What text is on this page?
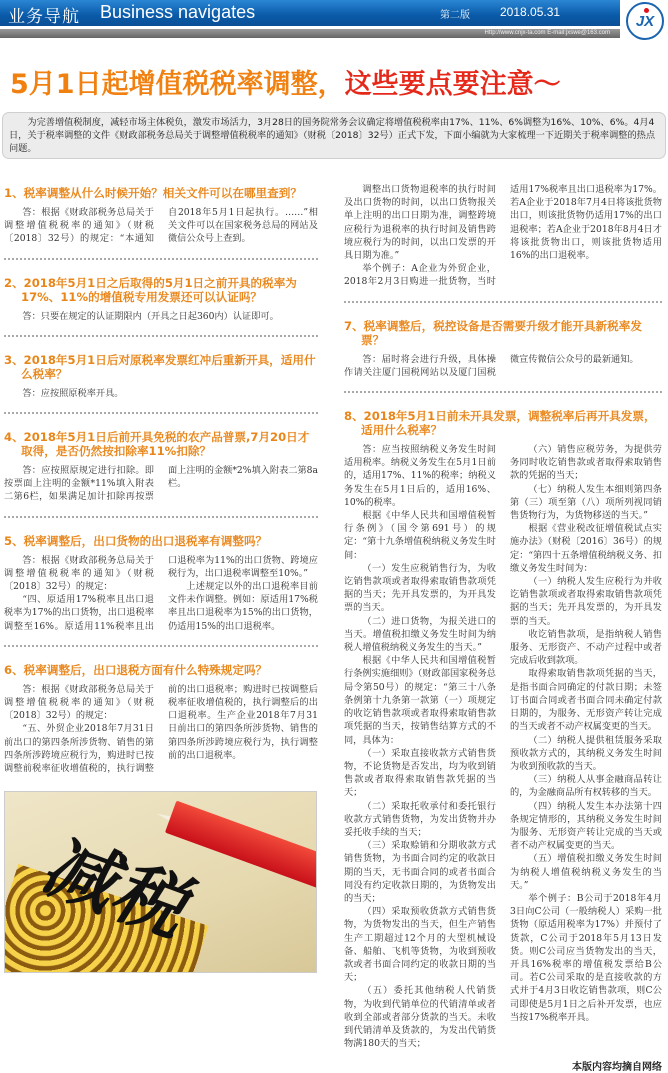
业务导航 Business navigates	第二版	2018.05.31
Http://www.cnjx-ta.com E-mail:jxswe@163.com
JX
5月1日起增值税税率调整，这些要点要注意～
为完善增值税制度，减轻市场主体税负，激发市场活力，3月28日的国务院常务会议确定将增值税税率由17%、11%、6%调整为16%、10%、6%。4月4日，关于税率调整的文件《财政部税务总局关于调整增值税税率的通知》（财税〔2018〕32号）正式下发，下面小编就为大家梳理一下近期关于税率调整的热点问题。
1、税率调整从什么时候开始？相关文件可以在哪里查到？

答：根据《财政部税务总局关于调整增值税税率的通知》（财税〔2018〕32号）的规定：“本通知自2018年5月1日起执行。……”相关文件可以在国家税务总局的网站及微信公众号上查到。

2、2018年5月1日之后取得的5月1日之前开具的税率为17%、11%的增值税专用发票还可以认证吗？

答：只要在规定的认证期限内（开具之日起360内）认证即可。

3、2018年5月1日后对原税率发票红冲后重新开具，适用什么税率？

答：应按照原税率开具。

4、2018年5月1日后前开具免税的农产品普票,7月20日才取得，是否仍然按扣除率11%扣除？

答：应按照原规定进行扣除。即按票面上注明的金额*11%填入附表二第6栏，如果满足加计扣除再按票面上注明的金额*2%填入附表二第8a栏。

5、税率调整后，出口货物的出口退税率有调整吗？

答：根据《财政部税务总局关于调整增值税税率的通知》（财税〔2018〕32号）的规定：

“四、原适用17%税率且出口退税率为17%的出口货物，出口退税率调整至16%。原适用11%税率且出口退税率为11%的出口货物、跨境应税行为，出口退税率调整至10%。”

上述规定以外的出口退税率目前文件未作调整。例如：原适用17%税率且出口退税率为15%的出口货物，仍适用15%的出口退税率。

6、税率调整后，出口退税方面有什么特殊规定吗？

答：根据《财政部税务总局关于调整增值税税率的通知》（财税〔2018〕32号）的规定：

“五、外贸企业2018年7月31日前出口的第四条所涉货物、销售的第四条所涉跨境应税行为，购进时已按调整前税率征收增值税的，执行调整前的出口退税率；购进时已按调整后税率征收增值税的，执行调整后的出口退税率。生产企业2018年7月31日前出口的第四条所涉货物、销售的第四条所涉跨境应税行为，执行调整前的出口退税率。

减税

调整出口货物退税率的执行时间及出口货物的时间，以出口货物报关单上注明的出口日期为准，调整跨境应税行为退税率的执行时间及销售跨境应税行为的时间，以出口发票的开具日期为准。”

举个例子：A企业为外贸企业，2018年2月3日购进一批货物，当时适用17%税率且出口退税率为17%。若A企业于2018年7月4日将该批货物出口，则该批货物仍适用17%的出口退税率；若A企业于2018年8月4日才将该批货物出口，则该批货物适用16%的出口退税率。

7、税率调整后，税控设备是否需要升级才能开具新税率发票？

答：届时将会进行升级，具体操作请关注厦门国税网站以及厦门国税微宣传微信公众号的最新通知。

8、2018年5月1日前未开具发票，调整税率后再开具发票，适用什么税率？

答：应当按照纳税义务发生时间适用税率。纳税义务发生在5月1日前的，适用17%、11%的税率；纳税义务发生在5月1日后的，适用16%、10%的税率。

根据《中华人民共和国增值税暂行条例》（国令第691号）的规定：“第十九条增值税纳税义务发生时间：

（一）发生应税销售行为，为收讫销售款项或者取得索取销售款项凭据的当天；先开具发票的，为开具发票的当天。

（二）进口货物，为报关进口的当天。增值税扣缴义务发生时间为纳税人增值税纳税义务发生的当天。”

根据《中华人民共和国增值税暂行条例实施细则》（财政部国家税务总局令第50号）的规定：“第三十八条条例第十九条第一款第（一）项规定的收讫销售款项或者取得索取销售款项凭据的当天，按销售结算方式的不同，具体为：

（一）采取直接收款方式销售货物，不论货物是否发出，均为收到销售款或者取得索取销售款凭据的当天；

（二）采取托收承付和委托银行收款方式销售货物，为发出货物并办妥托收手续的当天；

（三）采取赊销和分期收款方式销售货物，为书面合同约定的收款日期的当天，无书面合同的或者书面合同没有约定收款日期的，为货物发出的当天；

（四）采取预收货款方式销售货物，为货物发出的当天，但生产销售生产工期超过12个月的大型机械设备、船舶、飞机等货物，为收到预收款或者书面合同约定的收款日期的当天；

（五）委托其他纳税人代销货物，为收到代销单位的代销清单或者收到全部或者部分货款的当天。未收到代销清单及货款的，为发出代销货物满180天的当天；

（六）销售应税劳务，为提供劳务同时收讫销售款或者取得索取销售款的凭据的当天；

（七）纳税人发生本细则第四条第（三）项至第（八）项所列视同销售货物行为，为货物移送的当天。”

根据《营业税改征增值税试点实施办法》（财税〔2016〕36号）的规定：“第四十五条增值税纳税义务、扣缴义务发生时间为：

（一）纳税人发生应税行为并收讫销售款项或者取得索取销售款项凭据的当天；先开具发票的，为开具发票的当天。

收讫销售款项，是指纳税人销售服务、无形资产、不动产过程中或者完成后收到款项。

取得索取销售款项凭据的当天，是指书面合同确定的付款日期；未签订书面合同或者书面合同未确定付款日期的，为服务、无形资产转让完成的当天或者不动产权属变更的当天。

（二）纳税人提供租赁服务采取预收款方式的，其纳税义务发生时间为收到预收款的当天。

（三）纳税人从事金融商品转让的，为金融商品所有权转移的当天。

（四）纳税人发生本办法第十四条规定情形的，其纳税义务发生时间为服务、无形资产转让完成的当天或者不动产权属变更的当天。

（五）增值税扣缴义务发生时间为纳税人增值税纳税义务发生的当天。”

举个例子：B公司于2018年4月3日向C公司（一般纳税人）采购一批货物（原适用税率为17%）并预付了货款，C公司于2018年5月13日发货。则C公司应当货物发出的当天，开具16%税率的增值税发票给B公司。若C公司采取的是直接收款的方式并于4月3日收讫销售款项，则C公司即使是5月1日之后补开发票，也应当按17%税率开具。

本版内容均摘自网络
